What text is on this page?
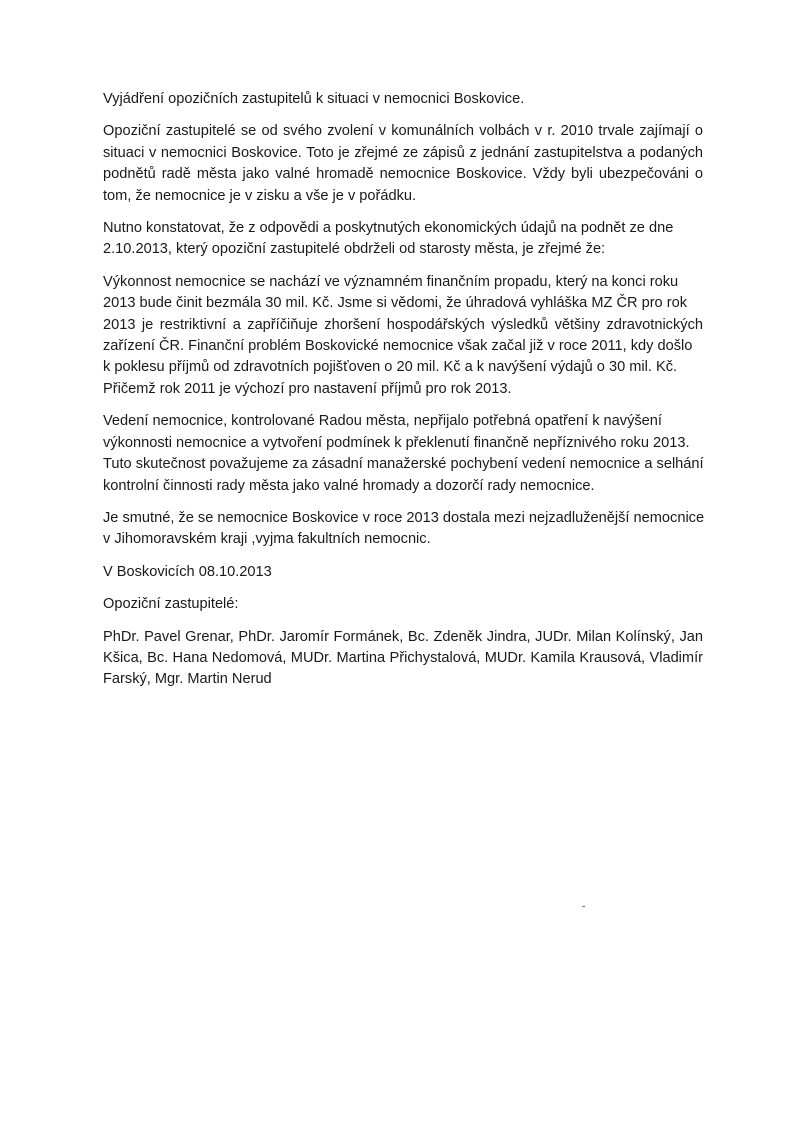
Vyjádření opozičních zastupitelů k situaci v nemocnici Boskovice.

Opoziční zastupitelé se od svého zvolení v komunálních volbách v r. 2010 trvale zajímají o
situaci v nemocnici Boskovice. Toto je zřejmé ze zápisů z jednání zastupitelstva a podaných
podnětů radě města jako valné hromadě nemocnice Boskovice. Vždy byli ubezpečováni o
tom, že nemocnice je v zisku a vše je v pořádku.

Nutno konstatovat, že z odpovědi a poskytnutých ekonomických údajů na podnět ze dne
2.10.2013, který opoziční zastupitelé obdrželi od starosty města, je zřejmé že:

Výkonnost nemocnice se nachází ve významném finančním propadu, který na konci roku
2013 bude činit bezmála 30 mil. Kč. Jsme si vědomi, že úhradová vyhláška MZ ČR pro rok
2013 je restriktivní a zapříčiňuje zhoršení hospodářských výsledků většiny zdravotnických
zařízení ČR. Finanční problém Boskovické nemocnice však začal již v roce 2011, kdy došlo
k poklesu příjmů od zdravotních pojišťoven o 20 mil. Kč a k navýšení výdajů o 30 mil. Kč.
Přičemž rok 2011 je výchozí pro nastavení příjmů pro rok 2013.

Vedení nemocnice, kontrolované Radou města, nepřijalo potřebná opatření k navýšení
výkonnosti nemocnice a vytvoření podmínek k překlenutí finančně nepříznivého roku 2013.
Tuto skutečnost považujeme za zásadní manažerské pochybení vedení nemocnice a selhání
kontrolní činnosti rady města jako valné hromady a dozorčí rady nemocnice.

Je smutné, že se nemocnice Boskovice v roce 2013 dostala mezi nejzadluženější nemocnice
v Jihomoravském kraji ,vyjma fakultních nemocnic.

V Boskovicích 08.10.2013

Opoziční zastupitelé:

PhDr. Pavel Grenar, PhDr. Jaromír Formánek, Bc. Zdeněk Jindra, JUDr. Milan Kolínský, Jan
Kšica, Bc. Hana Nedomová, MUDr. Martina Přichystalová, MUDr. Kamila Krausová, Vladimír
Farský, Mgr. Martin Nerud

˜
